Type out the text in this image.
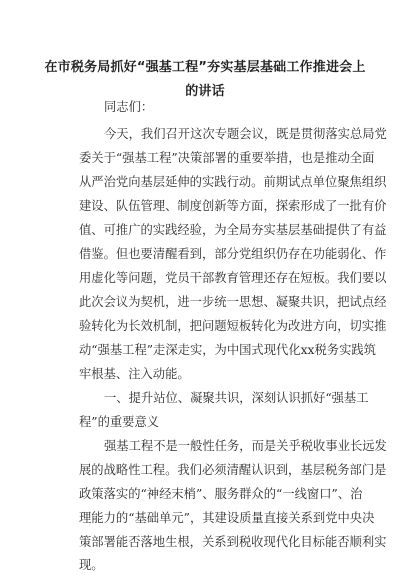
在市税务局抓好“强基工程”夯实基层基础工作推进会上
的讲话
同志们：
今天，我们召开这次专题会议，既是贯彻落实总局党
委关于“强基工程”决策部署的重要举措，也是推动全面
从严治党向基层延伸的实践行动。前期试点单位聚焦组织
建设、队伍管理、制度创新等方面，探索形成了一批有价
值、可推广的实践经验，为全局夯实基层基础提供了有益
借鉴。但也要清醒看到，部分党组织仍存在功能弱化、作
用虚化等问题，党员干部教育管理还存在短板。我们要以
此次会议为契机，进一步统一思想、凝聚共识，把试点经
验转化为长效机制，把问题短板转化为改进方向，切实推
动“强基工程”走深走实，为中国式现代化xx税务实践筑
牢根基、注入动能。
一、提升站位、凝聚共识，深刻认识抓好“强基工
程”的重要意义
强基工程不是一般性任务，而是关乎税收事业长远发
展的战略性工程。我们必须清醒认识到，基层税务部门是
政策落实的“神经末梢”、服务群众的“一线窗口”、治
理能力的“基础单元”，其建设质量直接关系到党中央决
策部署能否落地生根，关系到税收现代化目标能否顺利实
现。
